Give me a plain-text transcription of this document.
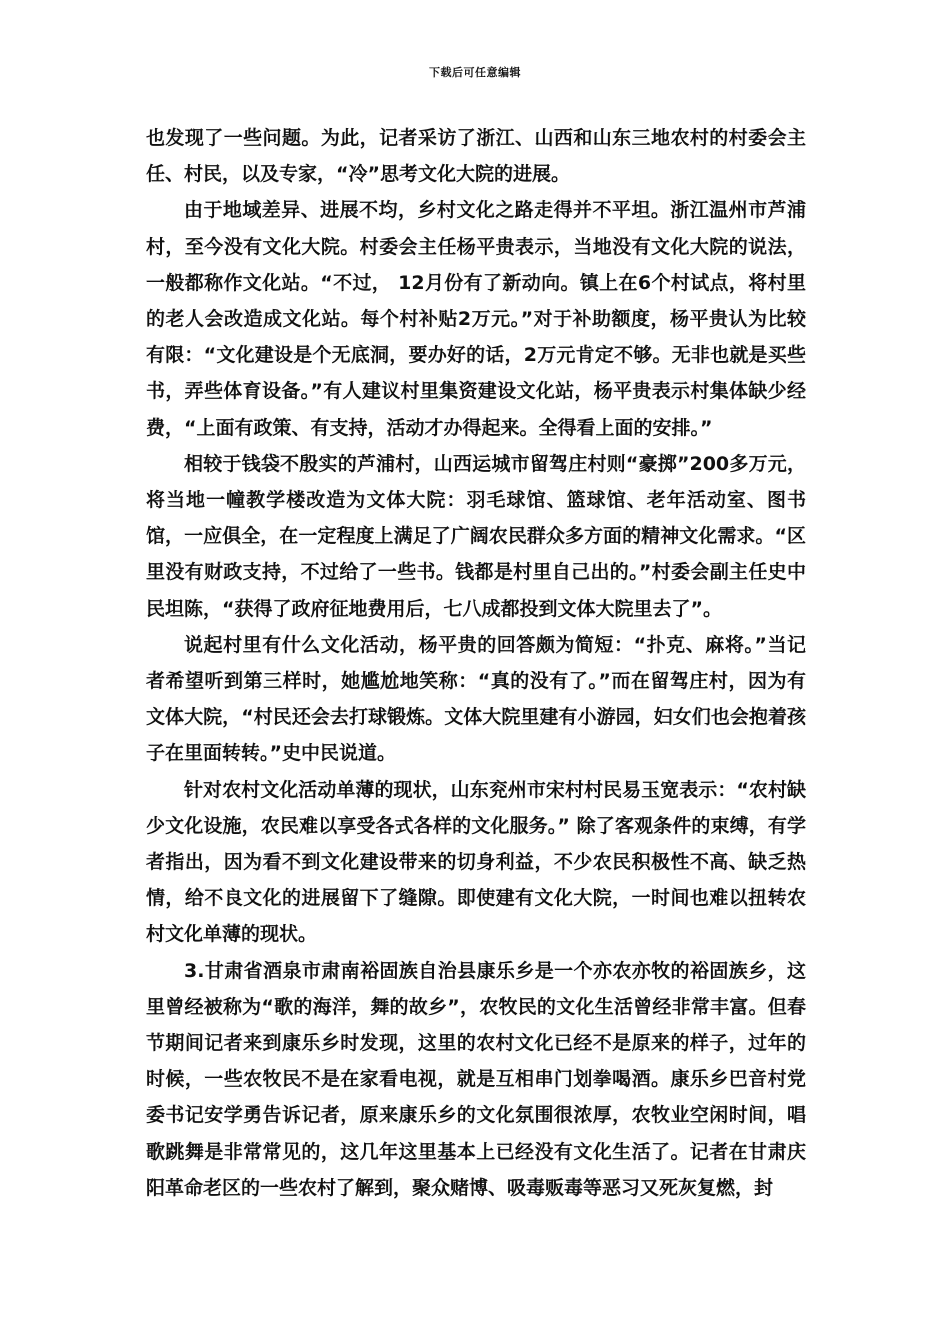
下载后可任意编辑

也发现了一些问题。为此，记者采访了浙江、山西和山东三地农村的村委会主任、村民，以及专家，“冷”思考文化大院的进展。

由于地域差异、进展不均，乡村文化之路走得并不平坦。浙江温州市芦浦村，至今没有文化大院。村委会主任杨平贵表示，当地没有文化大院的说法，一般都称作文化站。“不过， 12月份有了新动向。镇上在6个村试点，将村里的老人会改造成文化站。每个村补贴2万元。”对于补助额度，杨平贵认为比较有限：“文化建设是个无底洞，要办好的话，2万元肯定不够。无非也就是买些书，弄些体育设备。”有人建议村里集资建设文化站，杨平贵表示村集体缺少经费，“上面有政策、有支持，活动才办得起来。全得看上面的安排。”

相较于钱袋不殷实的芦浦村，山西运城市留驾庄村则“豪掷”200多万元，将当地一幢教学楼改造为文体大院：羽毛球馆、篮球馆、老年活动室、图书馆，一应俱全，在一定程度上满足了广阔农民群众多方面的精神文化需求。“区里没有财政支持，不过给了一些书。钱都是村里自己出的。”村委会副主任史中民坦陈，“获得了政府征地费用后，七八成都投到文体大院里去了”。

说起村里有什么文化活动，杨平贵的回答颇为简短：“扑克、麻将。”当记者希望听到第三样时，她尴尬地笑称：“真的没有了。”而在留驾庄村，因为有文体大院，“村民还会去打球锻炼。文体大院里建有小游园，妇女们也会抱着孩子在里面转转。”史中民说道。

针对农村文化活动单薄的现状，山东兖州市宋村村民易玉宽表示：“农村缺少文化设施，农民难以享受各式各样的文化服务。” 除了客观条件的束缚，有学者指出，因为看不到文化建设带来的切身利益，不少农民积极性不高、缺乏热情，给不良文化的进展留下了缝隙。即使建有文化大院，一时间也难以扭转农村文化单薄的现状。

3.甘肃省酒泉市肃南裕固族自治县康乐乡是一个亦农亦牧的裕固族乡，这里曾经被称为“歌的海洋，舞的故乡”，农牧民的文化生活曾经非常丰富。但春节期间记者来到康乐乡时发现，这里的农村文化已经不是原来的样子，过年的时候，一些农牧民不是在家看电视，就是互相串门划拳喝酒。康乐乡巴音村党委书记安学勇告诉记者，原来康乐乡的文化氛围很浓厚，农牧业空闲时间，唱歌跳舞是非常常见的，这几年这里基本上已经没有文化生活了。记者在甘肃庆阳革命老区的一些农村了解到，聚众赌博、吸毒贩毒等恶习又死灰复燃，封
